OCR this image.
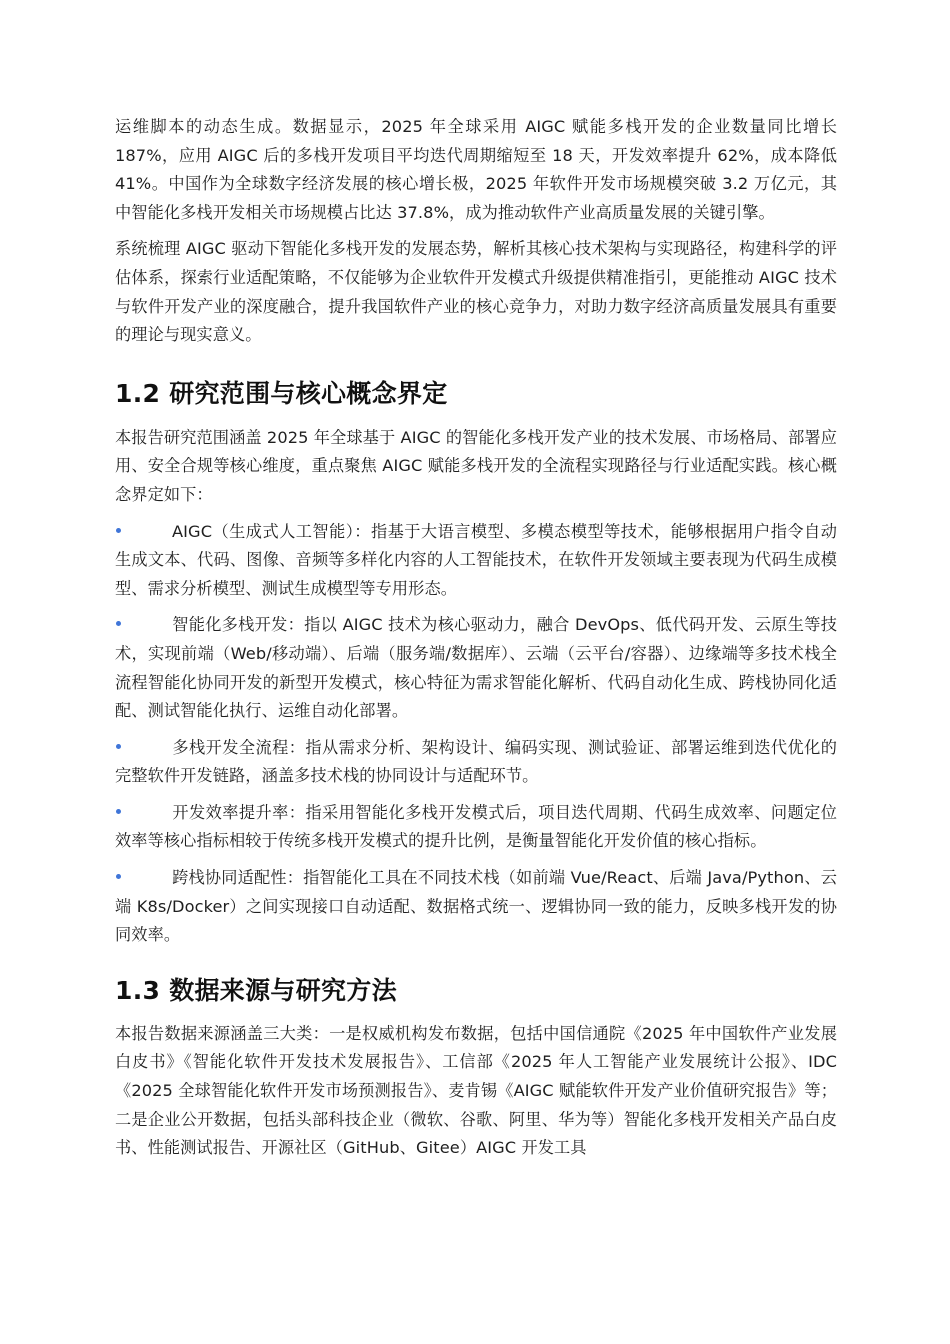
运维脚本的动态生成。数据显示，2025 年全球采用 AIGC 赋能多栈开发的企业数量同比增长 187%，应用 AIGC 后的多栈开发项目平均迭代周期缩短至 18 天，开发效率提升 62%，成本降低 41%。中国作为全球数字经济发展的核心增长极，2025 年软件开发市场规模突破 3.2 万亿元，其中智能化多栈开发相关市场规模占比达 37.8%，成为推动软件产业高质量发展的关键引擎。

系统梳理 AIGC 驱动下智能化多栈开发的发展态势，解析其核心技术架构与实现路径，构建科学的评估体系，探索行业适配策略，不仅能够为企业软件开发模式升级提供精准指引，更能推动 AIGC 技术与软件开发产业的深度融合，提升我国软件产业的核心竞争力，对助力数字经济高质量发展具有重要的理论与现实意义。

1.2 研究范围与核心概念界定

本报告研究范围涵盖 2025 年全球基于 AIGC 的智能化多栈开发产业的技术发展、市场格局、部署应用、安全合规等核心维度，重点聚焦 AIGC 赋能多栈开发的全流程实现路径与行业适配实践。核心概念界定如下：

AIGC（生成式人工智能）：指基于大语言模型、多模态模型等技术，能够根据用户指令自动生成文本、代码、图像、音频等多样化内容的人工智能技术，在软件开发领域主要表现为代码生成模型、需求分析模型、测试生成模型等专用形态。
智能化多栈开发：指以 AIGC 技术为核心驱动力，融合 DevOps、低代码开发、云原生等技术，实现前端（Web/移动端）、后端（服务端/数据库）、云端（云平台/容器）、边缘端等多技术栈全流程智能化协同开发的新型开发模式，核心特征为需求智能化解析、代码自动化生成、跨栈协同化适配、测试智能化执行、运维自动化部署。
多栈开发全流程：指从需求分析、架构设计、编码实现、测试验证、部署运维到迭代优化的完整软件开发链路，涵盖多技术栈的协同设计与适配环节。
开发效率提升率：指采用智能化多栈开发模式后，项目迭代周期、代码生成效率、问题定位效率等核心指标相较于传统多栈开发模式的提升比例，是衡量智能化开发价值的核心指标。
跨栈协同适配性：指智能化工具在不同技术栈（如前端 Vue/React、后端 Java/Python、云端 K8s/Docker）之间实现接口自动适配、数据格式统一、逻辑协同一致的能力，反映多栈开发的协同效率。
1.3 数据来源与研究方法

本报告数据来源涵盖三大类：一是权威机构发布数据，包括中国信通院《2025 年中国软件产业发展白皮书》《智能化软件开发技术发展报告》、工信部《2025 年人工智能产业发展统计公报》、IDC《2025 全球智能化软件开发市场预测报告》、麦肯锡《AIGC 赋能软件开发产业价值研究报告》等；二是企业公开数据，包括头部科技企业（微软、谷歌、阿里、华为等）智能化多栈开发相关产品白皮书、性能测试报告、开源社区（GitHub、Gitee）AIGC 开发工具
